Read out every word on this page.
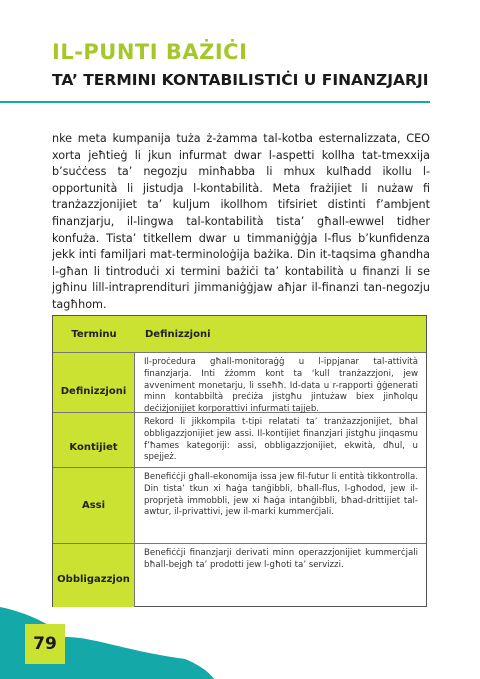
IL-PUNTI BAŻIĊI
TA’ TERMINI KONTABILISTIĊI U FINANZJARJI

nke meta kumpanija tuża ż-żamma tal-kotba esternalizzata, CEO xorta jeħtieġ li jkun infurmat dwar l-aspetti kollha tat-tmexxija b’suċċess ta’ negozju minħabba li mhux kulħadd ikollu l-opportunità li jistudja l-kontabilità. Meta frażijiet li nużaw fi tranżazzjonijiet ta’ kuljum ikollhom tifsiriet distinti f’ambjent finanzjarju, il-lingwa tal-kontabilità tista’ għall-ewwel tidher konfuża. Tista’ titkellem dwar u timmaniġġja l-flus b’kunfidenza jekk inti familjari mat-terminoloġija bażika. Din it-taqsima għandha l-għan li tintroduċi xi termini bażiċi ta’ kontabilità u finanzi li se jgħinu lill-intraprendituri jimmaniġġjaw aħjar il-finanzi tan-negozju tagħhom.

Terminu	Definizzjoni
Definizzjoni
Il-proċedura għall-monitoraġġ u l-ippjanar tal-attività finanzjarja. Inti żżomm kont ta ‘kull tranżazzjoni, jew avveniment monetarju, li sseħħ. Id-data u r-rapporti ġġenerati minn kontabbiltà preċiża jistgħu jintużaw biex jinħolqu deċiżjonijiet korporattivi infurmati tajjeb.
Kontijiet
Rekord li jikkompila t-tipi relatati ta’ tranżazzjonijiet, bħal obbligazzjonijiet jew assi. Il-kontijiet finanzjari jistgħu jinqasmu f’ħames kategoriji: assi, obbligazzjonijiet, ekwità, dħul, u spejjeż.
Assi
Benefiċċji għall-ekonomija issa jew fil-futur li entità tikkontrolla. Din tista’ tkun xi ħaġa tanġibbli, bħall-flus, l-għodod, jew il-proprjetà immobbli, jew xi ħaġa intanġibbli, bħad-drittijiet tal-awtur, il-privattivi, jew il-marki kummerċjali.
Obbligazzjon
Benefiċċji finanzjarji derivati minn operazzjonijiet kummerċjali bħall-bejgħ ta’ prodotti jew l-għoti ta’ servizzi.
79
